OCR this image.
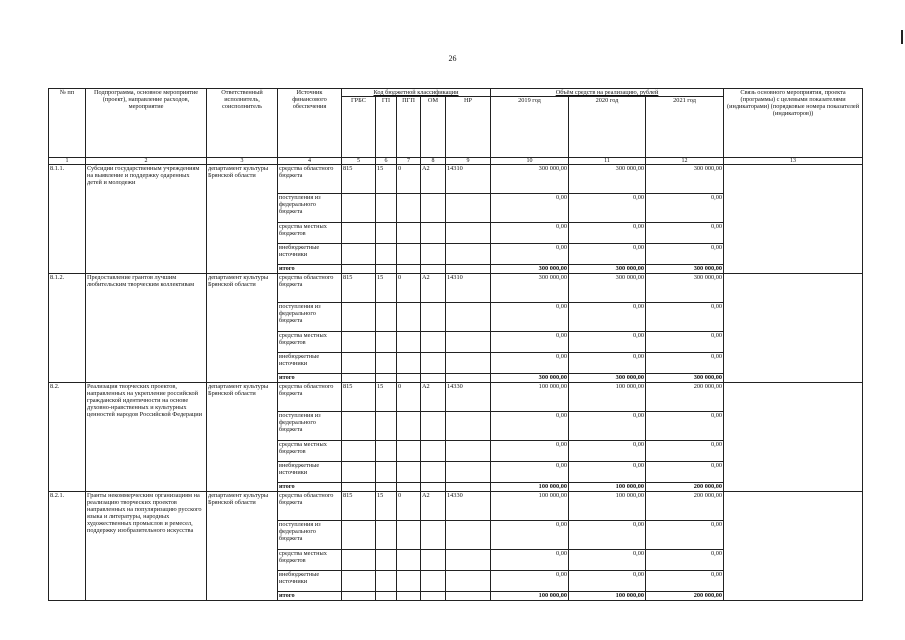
26
№ пп	Подпрограмма, основное мероприятие (проект), направление расходов, мероприятие	Ответственный исполнитель, соисполнитель	Источник финансового обеспечения	Код бюджетной классификации					Объём средств на реализацию, рублей			Связь основного мероприятия, проекта (программы) с целевыми показателями (индикаторами) (порядковые номера показателей (индикаторов))
				ГРБС	ГП	ПГП	ОМ	НР	2019 год	2020 год	2021 год	
1	2	3	4	5	6	7	8	9	10	11	12	13
8.1.1.	Субсидии государственным учреждениям на выявление и поддержку одаренных детей и молодежи	департамент культуры Брянской области	средства областного бюджета	815	15	0	А2	14310	300 000,00	300 000,00	300 000,00	
			поступления из федерального бюджета						0,00	0,00	0,00	
			средства местных бюджетов						0,00	0,00	0,00	
			внебюджетные источники						0,00	0,00	0,00	
			итого						300 000,00	300 000,00	300 000,00	
8.1.2.	Предоставление грантов лучшим любительским творческим коллективам	департамент культуры Брянской области	средства областного бюджета	815	15	0	А2	14310	300 000,00	300 000,00	300 000,00	
			поступления из федерального бюджета						0,00	0,00	0,00	
			средства местных бюджетов						0,00	0,00	0,00	
			внебюджетные источники						0,00	0,00	0,00	
			итого						300 000,00	300 000,00	300 000,00	
8.2.	Реализация творческих проектов, направленных на укрепление российской гражданской идентичности на основе духовно-нравственных и культурных ценностей народов Российской Федерации	департамент культуры Брянской области	средства областного бюджета	815	15	0	А2	14330	100 000,00	100 000,00	200 000,00	
			поступления из федерального бюджета						0,00	0,00	0,00	
			средства местных бюджетов						0,00	0,00	0,00	
			внебюджетные источники						0,00	0,00	0,00	
			итого						100 000,00	100 000,00	200 000,00	
8.2.1.	Гранты некоммерческим организациям на реализацию творческих проектов направленных на популяризацию русского языка и литературы, народных художественных промыслов и ремесел, поддержку изобразительного искусства	департамент культуры Брянской области	средства областного бюджета	815	15	0	А2	14330	100 000,00	100 000,00	200 000,00	
			поступления из федерального бюджета						0,00	0,00	0,00	
			средства местных бюджетов						0,00	0,00	0,00	
			внебюджетные источники						0,00	0,00	0,00	
			итого						100 000,00	100 000,00	200 000,00	
